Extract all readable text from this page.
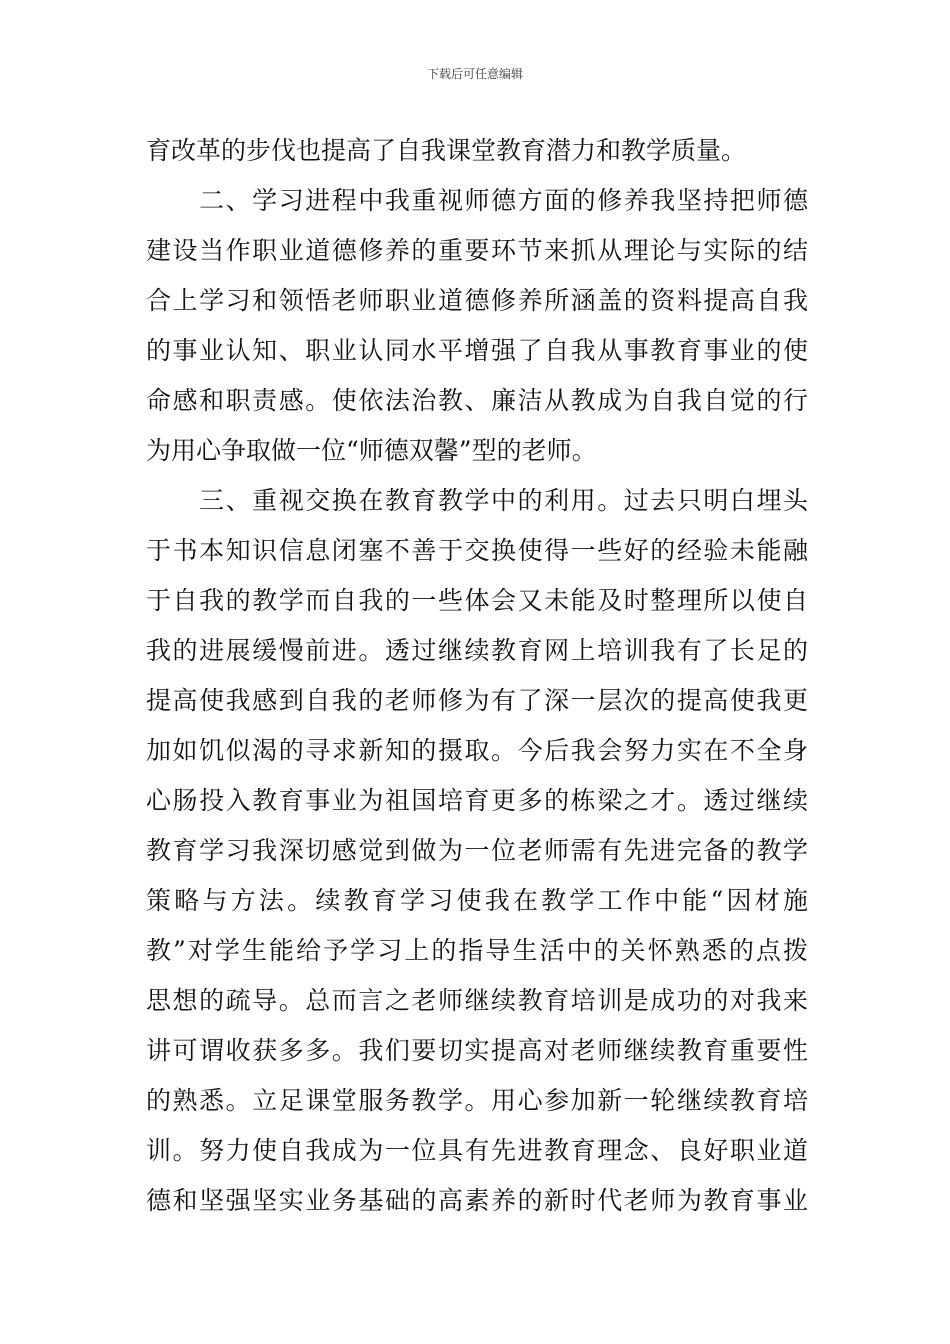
下载后可任意编辑
育改革的步伐也提高了自我课堂教育潜力和教学质量。
　　二、学习进程中我重视师德方面的修养我坚持把师德
建设当作职业道德修养的重要环节来抓从理论与实际的结
合上学习和领悟老师职业道德修养所涵盖的资料提高自我
的事业认知、职业认同水平增强了自我从事教育事业的使
命感和职责感。使依法治教、廉洁从教成为自我自觉的行
为用心争取做一位“师德双馨”型的老师。
　　三、重视交换在教育教学中的利用。过去只明白埋头
于书本知识信息闭塞不善于交换使得一些好的经验未能融
于自我的教学而自我的一些体会又未能及时整理所以使自
我的进展缓慢前进。透过继续教育网上培训我有了长足的
提高使我感到自我的老师修为有了深一层次的提高使我更
加如饥似渴的寻求新知的摄取。今后我会努力实在不全身
心肠投入教育事业为祖国培育更多的栋梁之才。透过继续
教育学习我深切感觉到做为一位老师需有先进完备的教学
策略与方法。续教育学习使我在教学工作中能“因材施
教”对学生能给予学习上的指导生活中的关怀熟悉的点拨
思想的疏导。总而言之老师继续教育培训是成功的对我来
讲可谓收获多多。我们要切实提高对老师继续教育重要性
的熟悉。立足课堂服务教学。用心参加新一轮继续教育培
训。努力使自我成为一位具有先进教育理念、良好职业道
德和坚强坚实业务基础的高素养的新时代老师为教育事业
